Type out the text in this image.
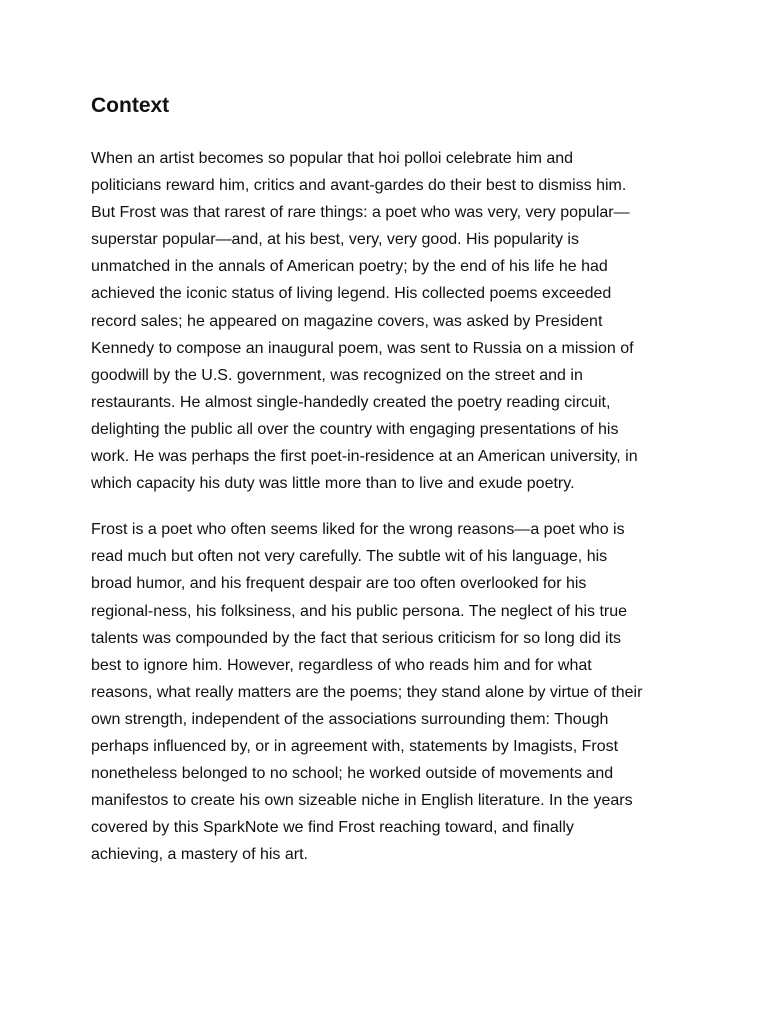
Context

When an artist becomes so popular that hoi polloi celebrate him and
politicians reward him, critics and avant-gardes do their best to dismiss him.
But Frost was that rarest of rare things: a poet who was very, very popular—
superstar popular—and, at his best, very, very good. His popularity is
unmatched in the annals of American poetry; by the end of his life he had
achieved the iconic status of living legend. His collected poems exceeded
record sales; he appeared on magazine covers, was asked by President
Kennedy to compose an inaugural poem, was sent to Russia on a mission of
goodwill by the U.S. government, was recognized on the street and in
restaurants. He almost single-handedly created the poetry reading circuit,
delighting the public all over the country with engaging presentations of his
work. He was perhaps the first poet-in-residence at an American university, in
which capacity his duty was little more than to live and exude poetry.

Frost is a poet who often seems liked for the wrong reasons—a poet who is
read much but often not very carefully. The subtle wit of his language, his
broad humor, and his frequent despair are too often overlooked for his
regional-ness, his folksiness, and his public persona. The neglect of his true
talents was compounded by the fact that serious criticism for so long did its
best to ignore him. However, regardless of who reads him and for what
reasons, what really matters are the poems; they stand alone by virtue of their
own strength, independent of the associations surrounding them: Though
perhaps influenced by, or in agreement with, statements by Imagists, Frost
nonetheless belonged to no school; he worked outside of movements and
manifestos to create his own sizeable niche in English literature. In the years
covered by this SparkNote we find Frost reaching toward, and finally
achieving, a mastery of his art.
